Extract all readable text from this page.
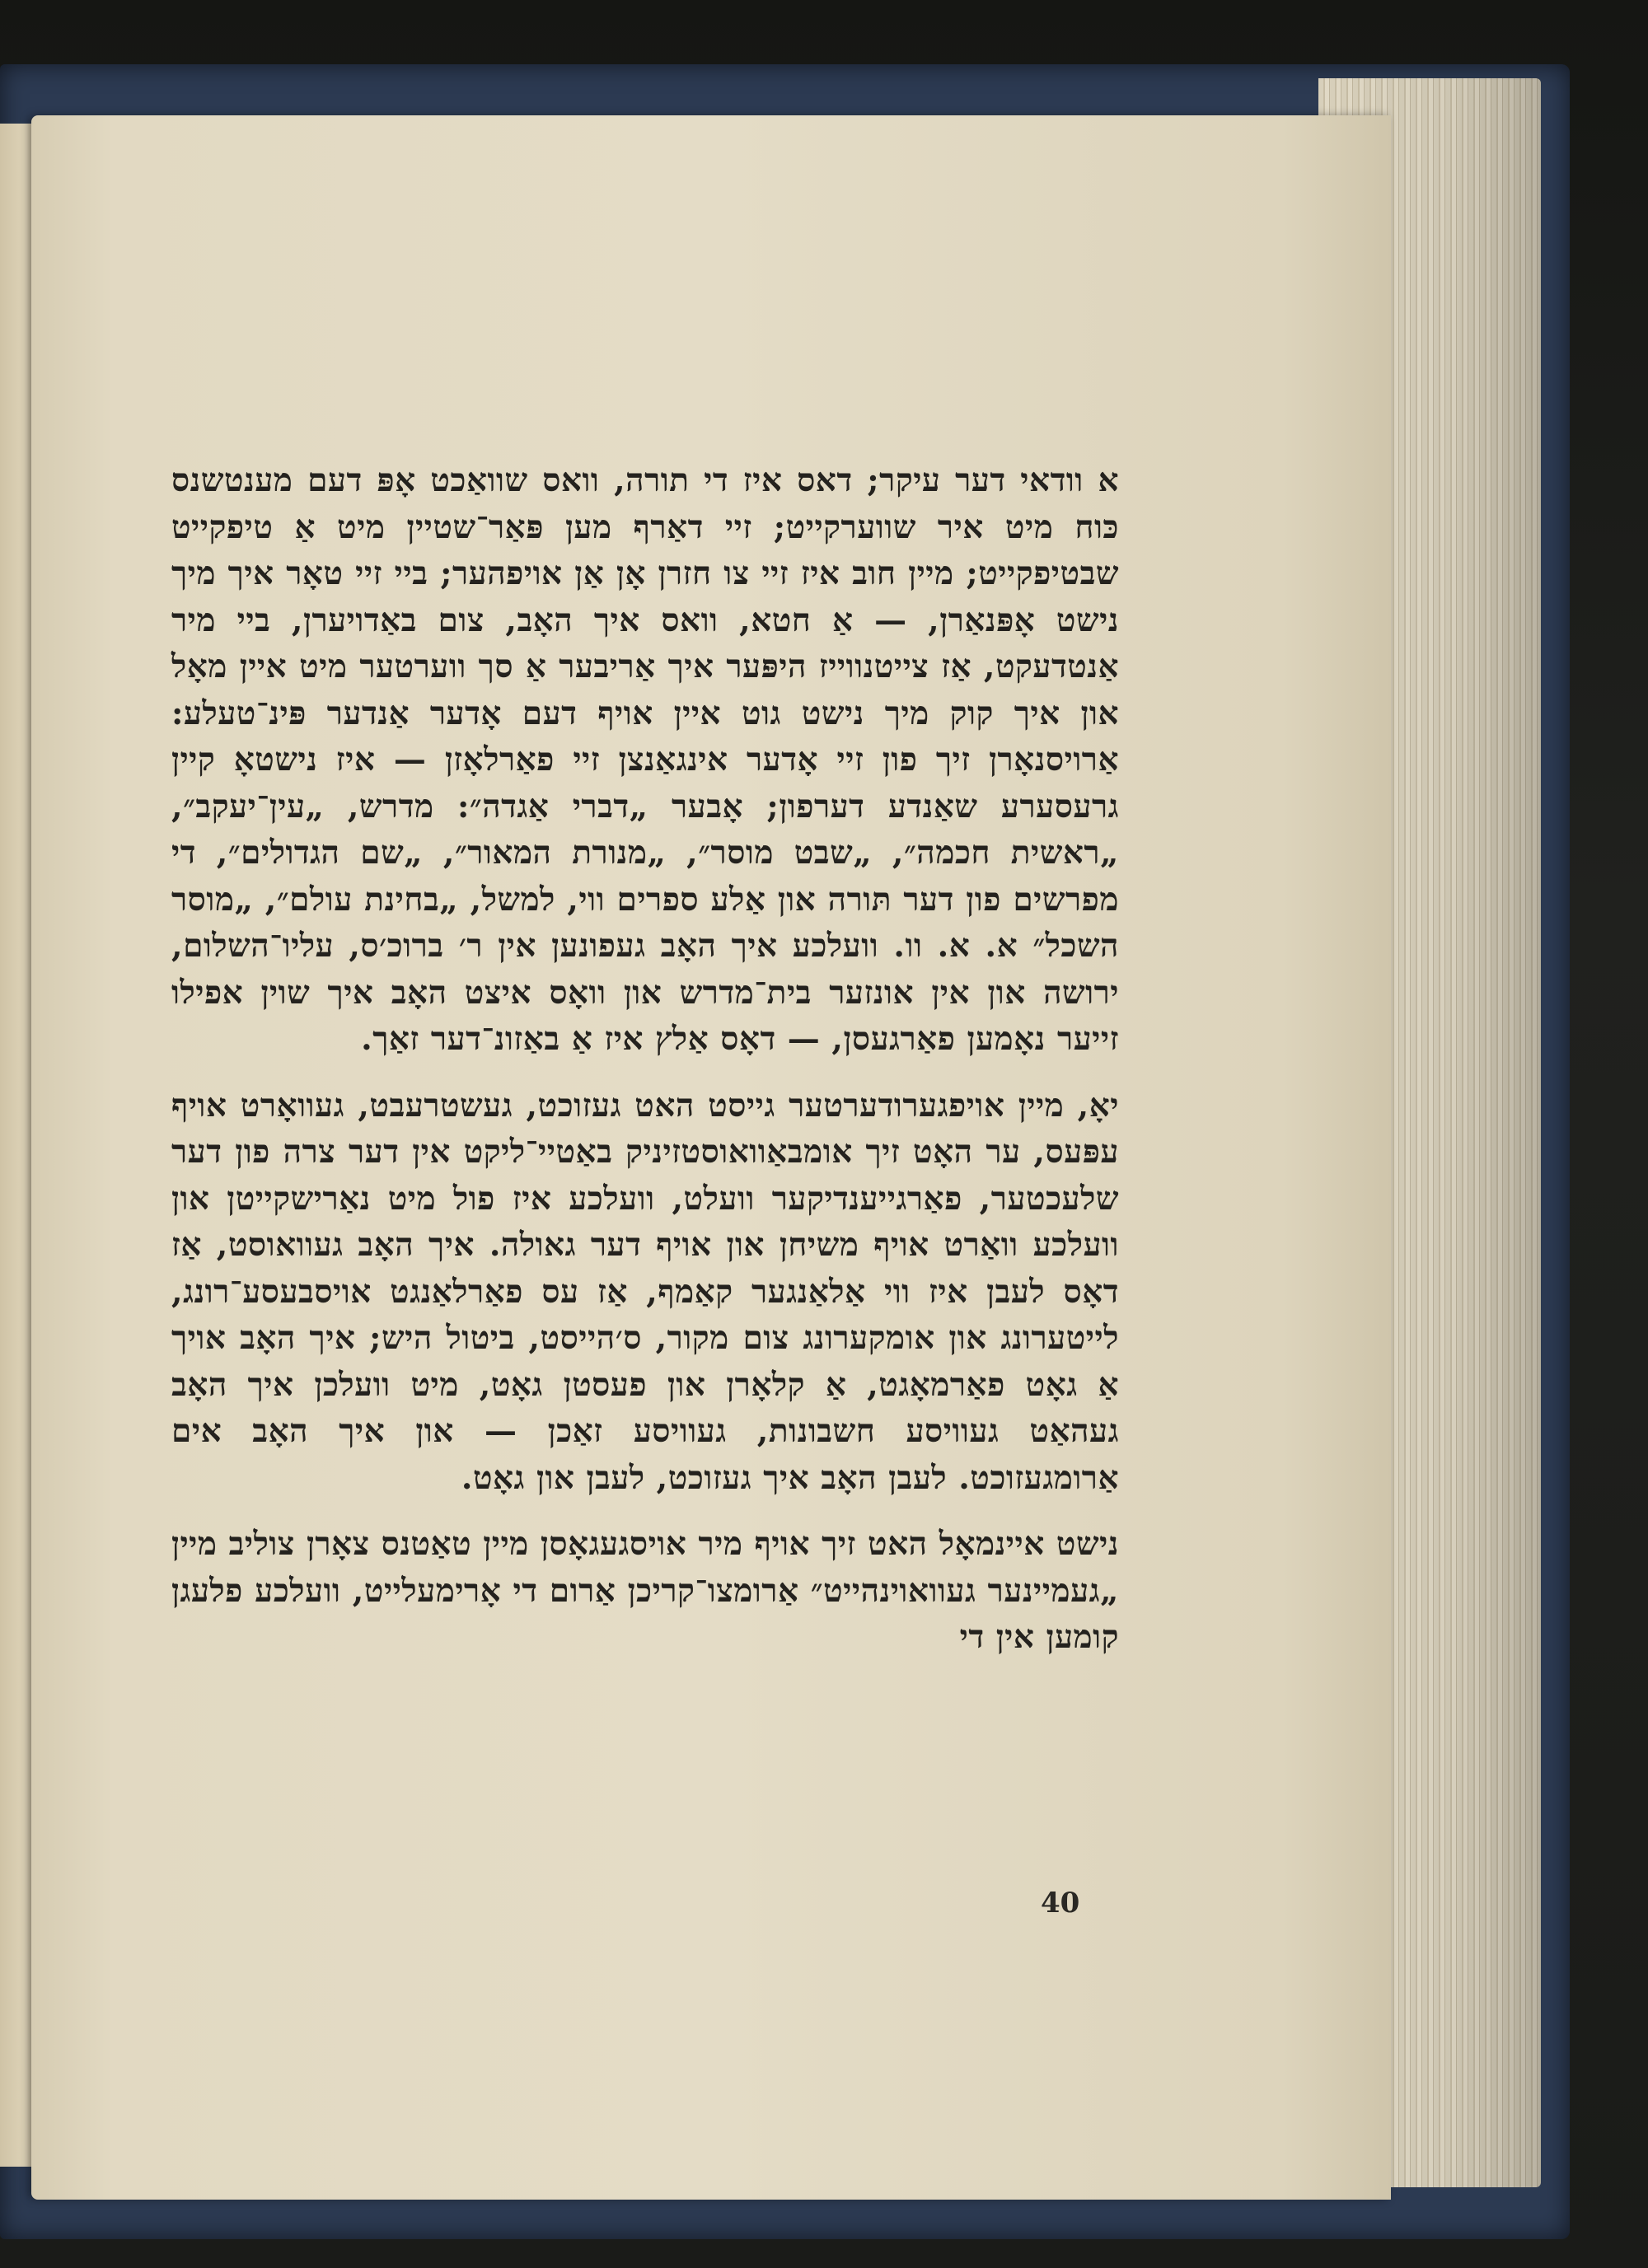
א וודאי דער עיקר; דאס איז די תורה, וואס שוואַכט אָפּ דעם מענטשנס כּוח מיט איר שווערקייט; זיי דאַרף מען פּאַר־שטיין מיט אַ טיפקייט שבטיפקייט; מיין חוב איז זיי צו חזרן אָן אַן אויפהער; ביי זיי טאָר איך מיך נישט אָפּנאַרן, — אַ חטא, וואס איך האָב, צום באַדויערן, ביי מיר אַנטדעקט, אַז צייטנווייז היפּער איך אַריבער אַ סך ווערטער מיט איין מאָל און איך קוק מיך נישט גוט איין אויף דעם אָדער אַנדער פּינ־טעלע: אַרויסנאָרן זיך פון זיי אָדער אינגאַנצן זיי פאַרלאָזן — איז נישטאָ קיין גרעסערע שאַנדע דערפון; אָבער „דברי אַגדה״: מדרש, „עין־יעקב״, „ראשית חכמה״, „שבט מוסר״, „מנורת המאור״, „שם הגדולים״, די מפרשים פון דער תּורה און אַלע ספרים ווי, למשל, „בחינת עולם״, „מוסר השכל״ א. א. וו. וועלכע איך האָב געפונען אין ר׳ ברוכ׳ס, עליו־השלום, ירושה און אין אונזער בית־מדרש און וואָס איצט האָב איך שוין אפילו זייער נאָמען פאַרגעסן, — דאָס אַלץ איז אַ באַזונ־דער זאַך.

יאָ, מיין אויפגערודערטער גייסט האט געזוכט, געשטרעבט, געוואָרט אויף עפּעס, ער האָט זיך אומבאַוואוסטזיניק באַטיי־ליקט אין דער צרה פון דער שלעכטער, פאַרגייענדיקער וועלט, וועלכע איז פול מיט נאַרישקייטן און וועלכע וואַרט אויף משיחן און אויף דער גאולה. איך האָב געוואוסט, אַז דאָס לעבן איז ווי אַלאַנגער קאַמף, אַז עס פאַרלאַנגט אויסבעסע־רונג, לייטערונג און אומקערונג צום מקור, ס׳הייסט, ביטול היש; איך האָב אויך אַ גאָט פאַרמאָגט, אַ קלאָרן און פעסטן גאָט, מיט וועלכן איך האָב געהאַט געוויסע חשבונות, געוויסע זאַכן — און איך האָב אים אַרומגעזוכט. לעבן האָב איך געזוכט, לעבן און גאָט.

נישט איינמאָל האט זיך אויף מיר אויסגעגאָסן מיין טאַטנס צאָרן צוליב מיין „געמיינער געוואוינהייט״ אַרומצו־קריכן אַרום די אָרימעלייט, וועלכע פלעגן קומען אין די

40
